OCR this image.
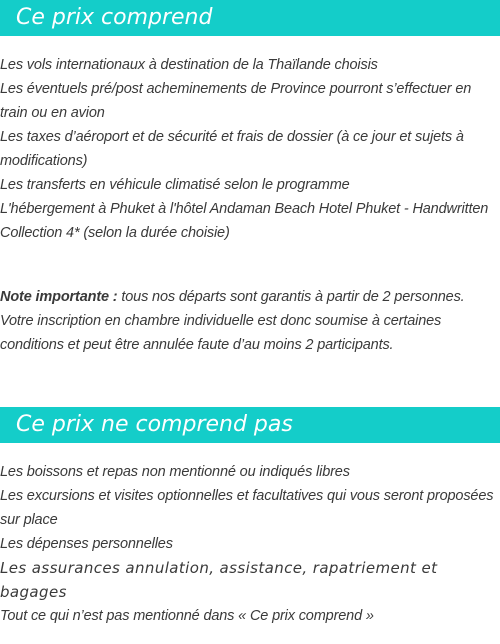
Ce prix comprend
Les vols internationaux à destination de la Thaïlande choisis
Les éventuels pré/post acheminements de Province pourront s’effectuer en train ou en avion
Les taxes d’aéroport et de sécurité et frais de dossier (à ce jour et sujets à modifications)
Les transferts en véhicule climatisé selon le programme
L'hébergement à Phuket à l'hôtel Andaman Beach Hotel Phuket - Handwritten Collection 4* (selon la durée choisie)

Note importante : tous nos départs sont garantis à partir de 2 personnes. Votre inscription en chambre individuelle est donc soumise à certaines conditions et peut être annulée faute d’au moins 2 participants.

Ce prix ne comprend pas
Les boissons et repas non mentionné ou indiqués libres
Les excursions et visites optionnelles et facultatives qui vous seront proposées sur place
Les dépenses personnelles
Les assurances annulation, assistance, rapatriement et bagages
Tout ce qui n’est pas mentionné dans « Ce prix comprend »
